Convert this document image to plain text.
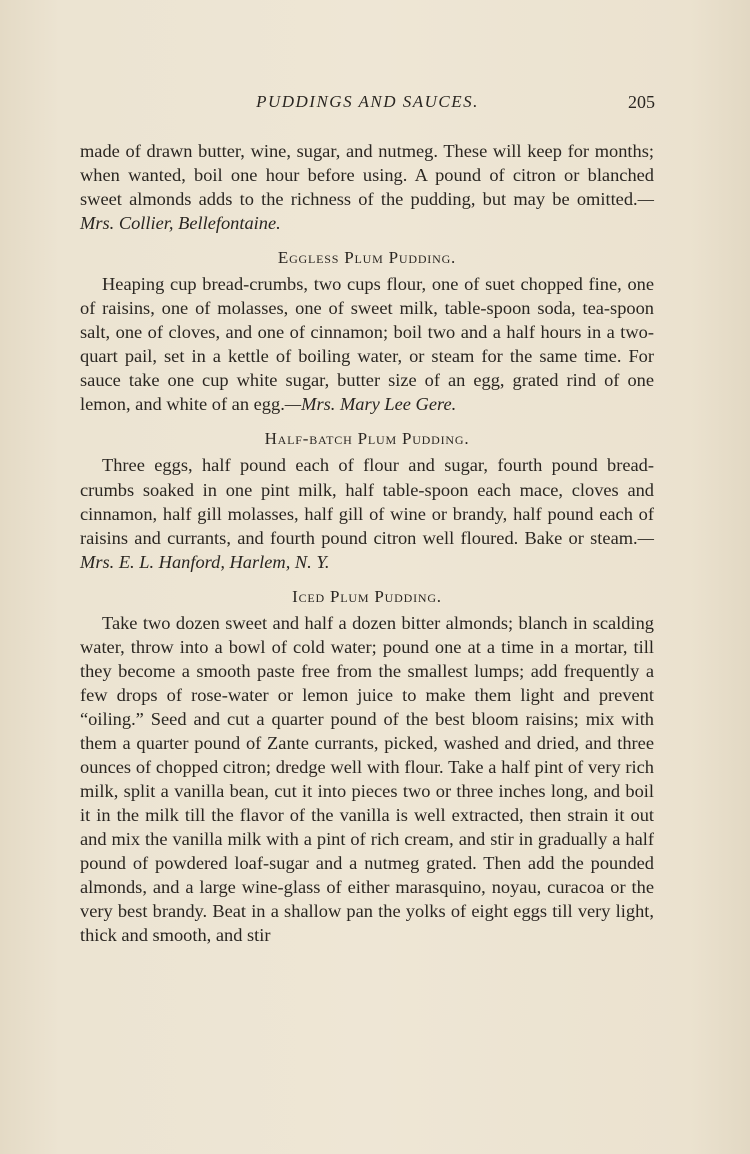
PUDDINGS AND SAUCES.	205

made of drawn butter, wine, sugar, and nutmeg. These will keep for months; when wanted, boil one hour before using. A pound of citron or blanched sweet almonds adds to the richness of the pudding, but may be omitted.—Mrs. Collier, Bellefontaine.

Eggless Plum Pudding.

Heaping cup bread-crumbs, two cups flour, one of suet chopped fine, one of raisins, one of molasses, one of sweet milk, table-spoon soda, tea-spoon salt, one of cloves, and one of cinnamon; boil two and a half hours in a two-quart pail, set in a kettle of boiling water, or steam for the same time. For sauce take one cup white sugar, butter size of an egg, grated rind of one lemon, and white of an egg.—Mrs. Mary Lee Gere.

Half-batch Plum Pudding.

Three eggs, half pound each of flour and sugar, fourth pound bread-crumbs soaked in one pint milk, half table-spoon each mace, cloves and cinnamon, half gill molasses, half gill of wine or brandy, half pound each of raisins and currants, and fourth pound citron well floured. Bake or steam.—Mrs. E. L. Hanford, Harlem, N. Y.

Iced Plum Pudding.

Take two dozen sweet and half a dozen bitter almonds; blanch in scalding water, throw into a bowl of cold water; pound one at a time in a mortar, till they become a smooth paste free from the smallest lumps; add frequently a few drops of rose-water or lemon juice to make them light and prevent “oiling.” Seed and cut a quarter pound of the best bloom raisins; mix with them a quarter pound of Zante currants, picked, washed and dried, and three ounces of chopped citron; dredge well with flour. Take a half pint of very rich milk, split a vanilla bean, cut it into pieces two or three inches long, and boil it in the milk till the flavor of the vanilla is well extracted, then strain it out and mix the vanilla milk with a pint of rich cream, and stir in gradually a half pound of powdered loaf-sugar and a nutmeg grated. Then add the pounded almonds, and a large wine-glass of either marasquino, noyau, curacoa or the very best brandy. Beat in a shallow pan the yolks of eight eggs till very light, thick and smooth, and stir
